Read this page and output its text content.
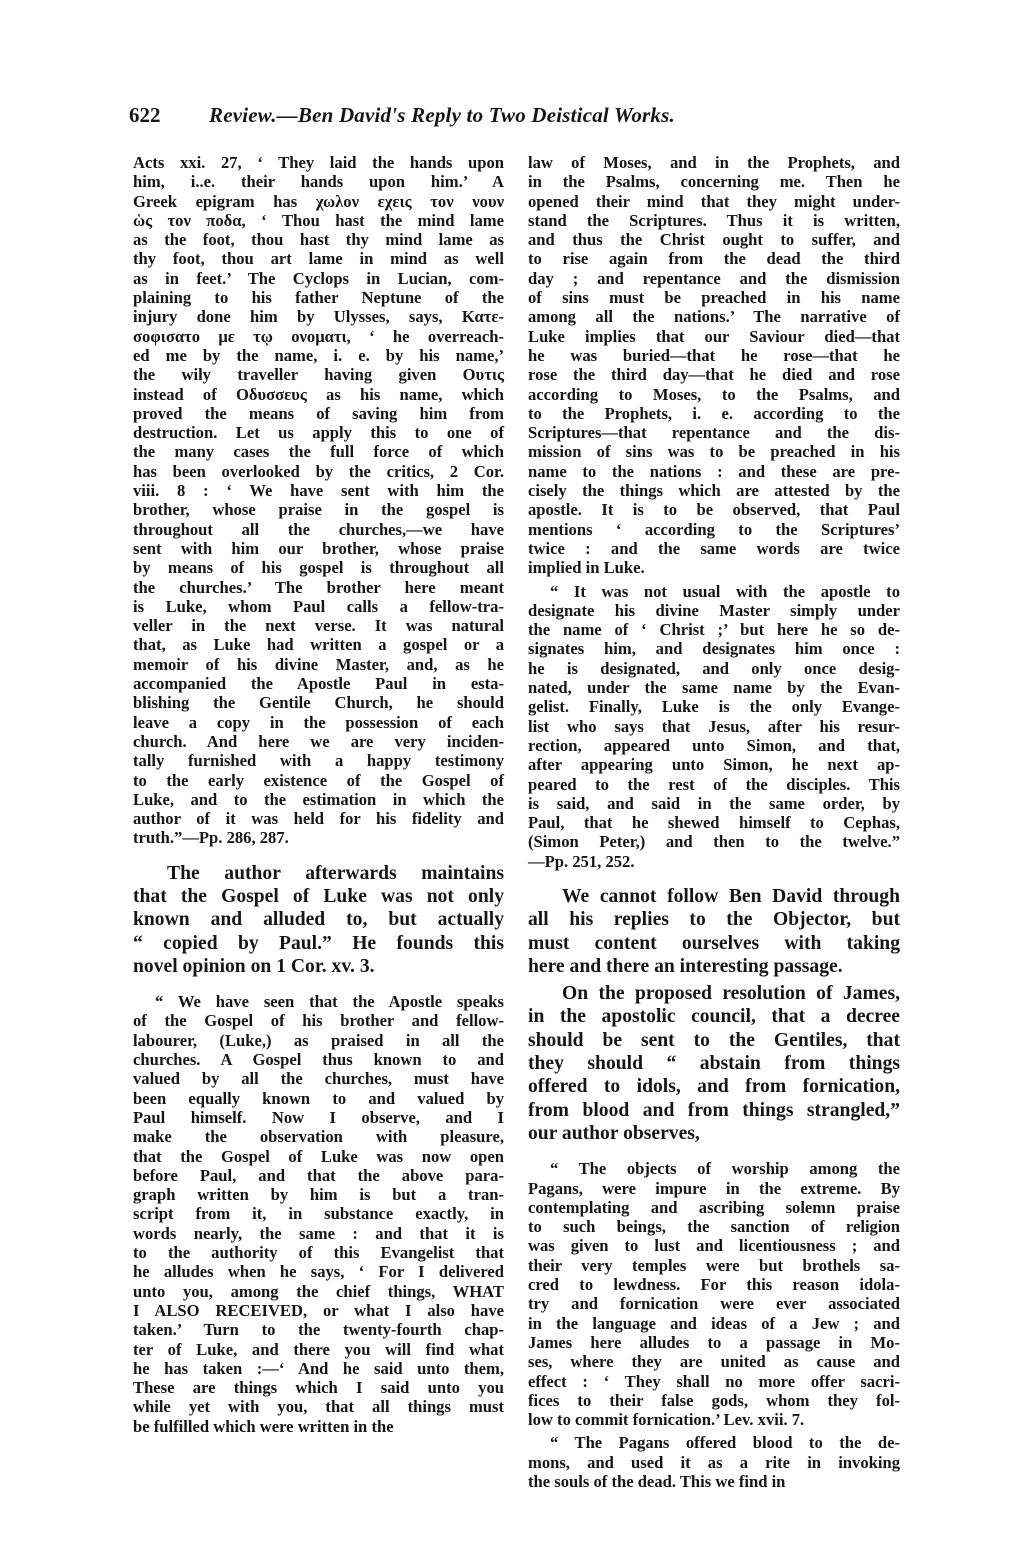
622 Review.—Ben David's Reply to Two Deistical Works.
Acts xxi. 27, ‘ They laid the hands upon
him, i..e. their hands upon him.’ A
Greek epigram has χωλον εχεις τον νουν
ὡς τον ποδα, ‘ Thou hast the mind lame
as the foot, thou hast thy mind lame as
thy foot, thou art lame in mind as well
as in feet.’ The Cyclops in Lucian, com-
plaining to his father Neptune of the
injury done him by Ulysses, says, Κατε-
σοφισατο με τῳ ονοματι, ‘ he overreach-
ed me by the name, i. e. by his name,’
the wily traveller having given Ουτις
instead of Οδυσσευς as his name, which
proved the means of saving him from
destruction. Let us apply this to one of
the many cases the full force of which
has been overlooked by the critics, 2 Cor.
viii. 8 : ‘ We have sent with him the
brother, whose praise in the gospel is
throughout all the churches,—we have
sent with him our brother, whose praise
by means of his gospel is throughout all
the churches.’ The brother here meant
is Luke, whom Paul calls a fellow-tra-
veller in the next verse. It was natural
that, as Luke had written a gospel or a
memoir of his divine Master, and, as he
accompanied the Apostle Paul in esta-
blishing the Gentile Church, he should
leave a copy in the possession of each
church. And here we are very inciden-
tally furnished with a happy testimony
to the early existence of the Gospel of
Luke, and to the estimation in which the
author of it was held for his fidelity and
truth.”—Pp. 286, 287.
The author afterwards maintains
that the Gospel of Luke was not only
known and alluded to, but actually
“ copied by Paul.” He founds this
novel opinion on 1 Cor. xv. 3.
“ We have seen that the Apostle speaks
of the Gospel of his brother and fellow-
labourer, (Luke,) as praised in all the
churches. A Gospel thus known to and
valued by all the churches, must have
been equally known to and valued by
Paul himself. Now I observe, and I
make the observation with pleasure,
that the Gospel of Luke was now open
before Paul, and that the above para-
graph written by him is but a tran-
script from it, in substance exactly, in
words nearly, the same : and that it is
to the authority of this Evangelist that
he alludes when he says, ‘ For I delivered
unto you, among the chief things, WHAT
I ALSO RECEIVED, or what I also have
taken.’ Turn to the twenty-fourth chap-
ter of Luke, and there you will find what
he has taken :—‘ And he said unto them,
These are things which I said unto you
while yet with you, that all things must
be fulfilled which were written in the
law of Moses, and in the Prophets, and
in the Psalms, concerning me. Then he
opened their mind that they might under-
stand the Scriptures. Thus it is written,
and thus the Christ ought to suffer, and
to rise again from the dead the third
day ; and repentance and the dismission
of sins must be preached in his name
among all the nations.’ The narrative of
Luke implies that our Saviour died—that
he was buried—that he rose—that he
rose the third day—that he died and rose
according to Moses, to the Psalms, and
to the Prophets, i. e. according to the
Scriptures—that repentance and the dis-
mission of sins was to be preached in his
name to the nations : and these are pre-
cisely the things which are attested by the
apostle. It is to be observed, that Paul
mentions ‘ according to the Scriptures’
twice : and the same words are twice
implied in Luke.
“ It was not usual with the apostle to
designate his divine Master simply under
the name of ‘ Christ ;’ but here he so de-
signates him, and designates him once :
he is designated, and only once desig-
nated, under the same name by the Evan-
gelist. Finally, Luke is the only Evange-
list who says that Jesus, after his resur-
rection, appeared unto Simon, and that,
after appearing unto Simon, he next ap-
peared to the rest of the disciples. This
is said, and said in the same order, by
Paul, that he shewed himself to Cephas,
(Simon Peter,) and then to the twelve.”
—Pp. 251, 252.
We cannot follow Ben David through
all his replies to the Objector, but
must content ourselves with taking
here and there an interesting passage.
On the proposed resolution of James,
in the apostolic council, that a decree
should be sent to the Gentiles, that
they should “ abstain from things
offered to idols, and from fornication,
from blood and from things strangled,”
our author observes,
“ The objects of worship among the
Pagans, were impure in the extreme. By
contemplating and ascribing solemn praise
to such beings, the sanction of religion
was given to lust and licentiousness ; and
their very temples were but brothels sa-
cred to lewdness. For this reason idola-
try and fornication were ever associated
in the language and ideas of a Jew ; and
James here alludes to a passage in Mo-
ses, where they are united as cause and
effect : ‘ They shall no more offer sacri-
fices to their false gods, whom they fol-
low to commit fornication.’ Lev. xvii. 7.
“ The Pagans offered blood to the de-
mons, and used it as a rite in invoking
the souls of the dead. This we find in
